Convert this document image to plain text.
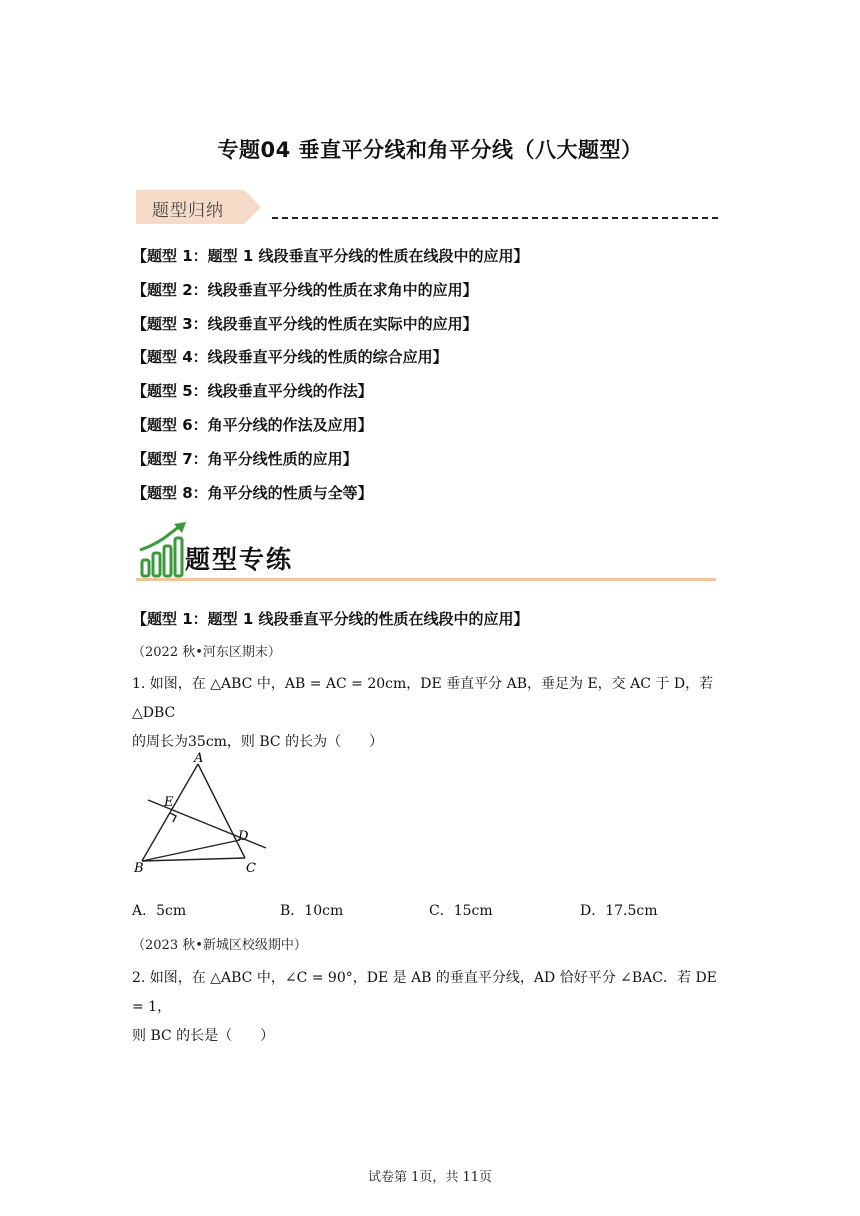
专题04 垂直平分线和角平分线（八大题型）
题型归纳
【题型 1：题型 1 线段垂直平分线的性质在线段中的应用】
【题型 2：线段垂直平分线的性质在求角中的应用】
【题型 3：线段垂直平分线的性质在实际中的应用】
【题型 4：线段垂直平分线的性质的综合应用】
【题型 5：线段垂直平分线的作法】
【题型 6：角平分线的作法及应用】
【题型 7：角平分线性质的应用】
【题型 8：角平分线的性质与全等】
题型专练
【题型 1：题型 1 线段垂直平分线的性质在线段中的应用】
（2022 秋•河东区期末）
1. 如图，在 △ABC 中，AB = AC = 20cm，DE 垂直平分 AB，垂足为 E，交 AC 于 D，若△DBC
的周长为35cm，则 BC 的长为（　　）
A
B	C
D
E
A．5cm	B．10cm	C．15cm	D．17.5cm
（2023 秋•新城区校级期中）
2. 如图，在 △ABC 中，∠C = 90°，DE 是 AB 的垂直平分线，AD 恰好平分 ∠BAC．若 DE = 1，
则 BC 的长是（　　）
试卷第 1页，共 11页
